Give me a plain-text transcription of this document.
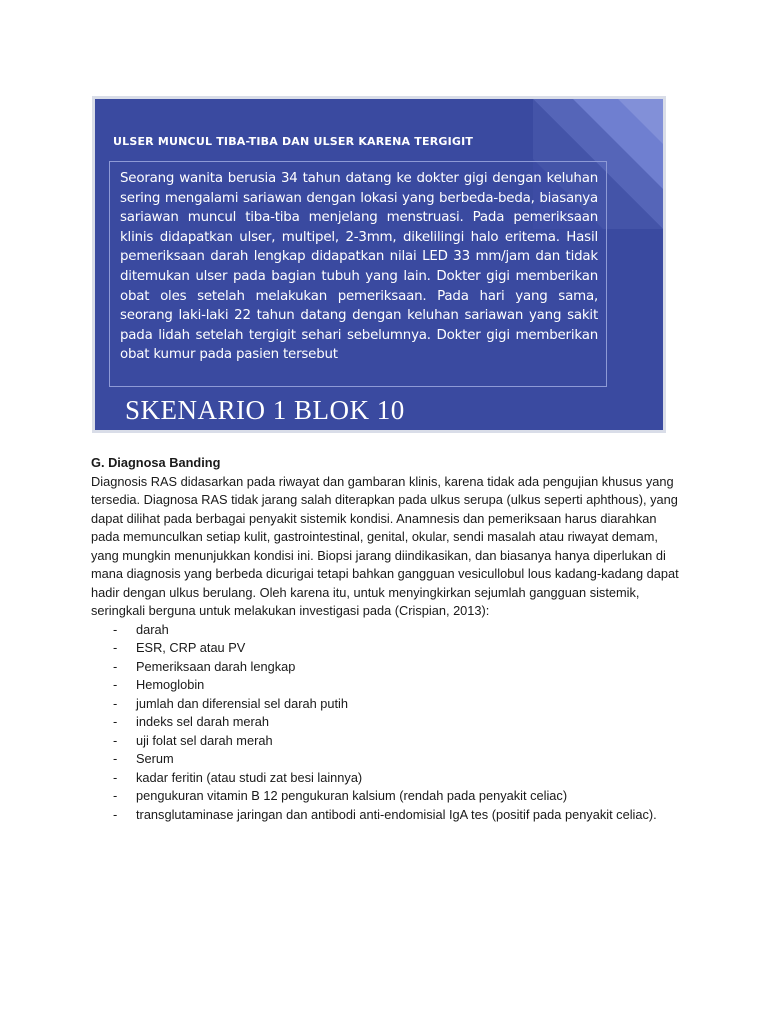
ULSER MUNCUL TIBA-TIBA DAN ULSER KARENA TERGIGIT
Seorang wanita berusia 34 tahun datang ke dokter gigi dengan keluhan sering mengalami sariawan dengan lokasi yang berbeda-beda, biasanya sariawan muncul tiba-tiba menjelang menstruasi. Pada pemeriksaan klinis didapatkan ulser, multipel, 2-3mm, dikelilingi halo eritema. Hasil pemeriksaan darah lengkap didapatkan nilai LED 33 mm/jam dan tidak ditemukan ulser pada bagian tubuh yang lain. Dokter gigi memberikan obat oles setelah melakukan pemeriksaan. Pada hari yang sama, seorang laki-laki 22 tahun datang dengan keluhan sariawan yang sakit pada lidah setelah tergigit sehari sebelumnya. Dokter gigi memberikan obat kumur pada pasien tersebut
SKENARIO 1 BLOK 10

G. Diagnosa Banding

Diagnosis RAS didasarkan pada riwayat dan gambaran klinis, karena tidak ada pengujian khusus yang tersedia. Diagnosa RAS tidak jarang salah diterapkan pada ulkus serupa (ulkus seperti aphthous), yang dapat dilihat pada berbagai penyakit sistemik kondisi. Anamnesis dan pemeriksaan harus diarahkan pada memunculkan setiap kulit, gastrointestinal, genital, okular, sendi masalah atau riwayat demam, yang mungkin menunjukkan kondisi ini. Biopsi jarang diindikasikan, dan biasanya hanya diperlukan di mana diagnosis yang berbeda dicurigai tetapi bahkan gangguan vesicullobul lous kadang-kadang dapat hadir dengan ulkus berulang. Oleh karena itu, untuk menyingkirkan sejumlah gangguan sistemik, seringkali berguna untuk melakukan investigasi pada (Crispian, 2013):

- darah
- ESR, CRP atau PV
- Pemeriksaan darah lengkap
- Hemoglobin
- jumlah dan diferensial sel darah putih
- indeks sel darah merah
- uji folat sel darah merah
- Serum
- kadar feritin (atau studi zat besi lainnya)
- pengukuran vitamin B 12 pengukuran kalsium (rendah pada penyakit celiac)
- transglutaminase jaringan dan antibodi anti-endomisial IgA tes (positif pada penyakit celiac).
